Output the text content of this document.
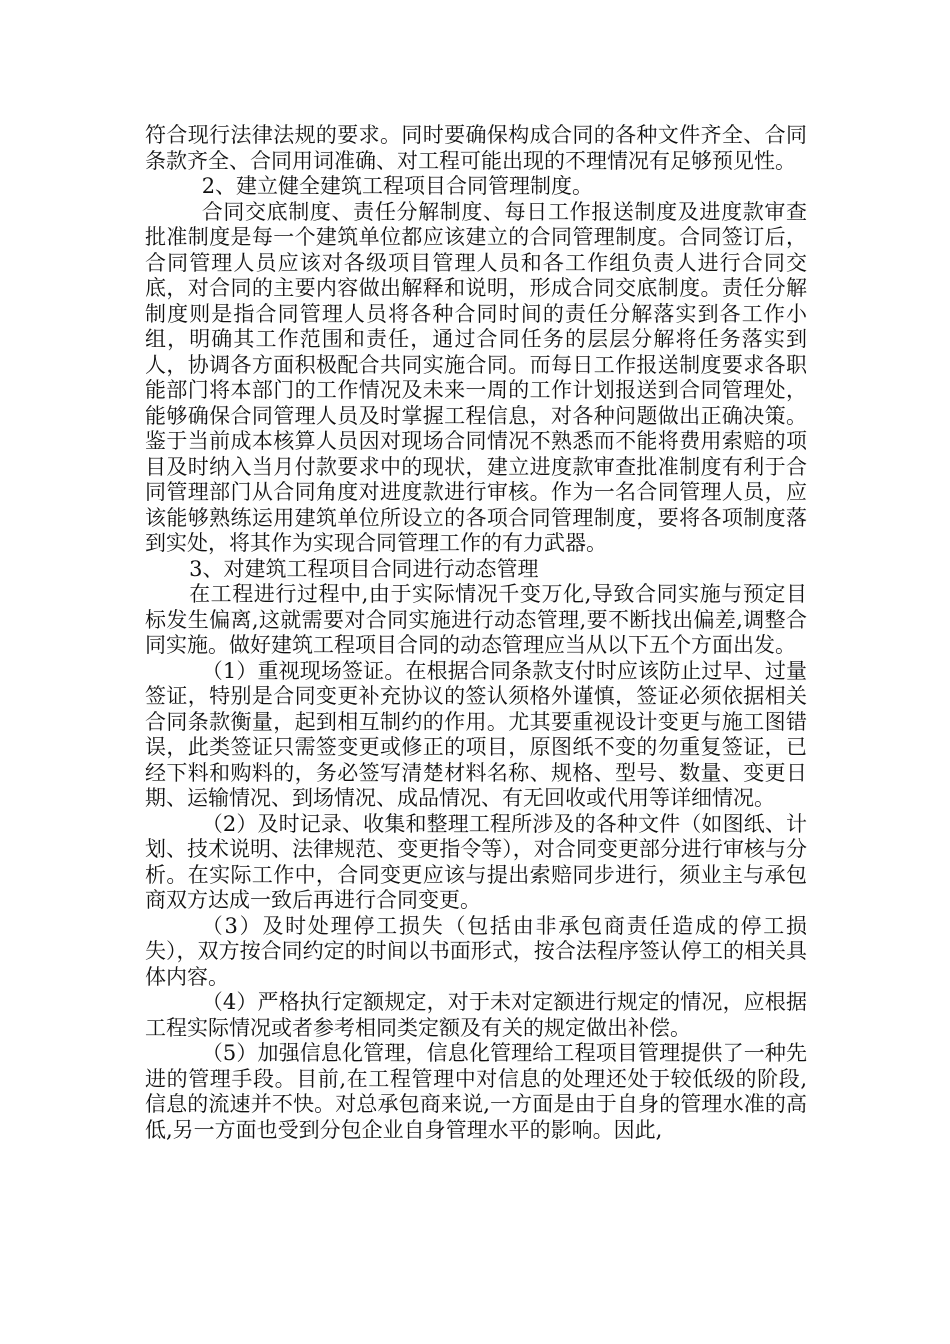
符合现行法律法规的要求。同时要确保构成合同的各种文件齐全、合同条款齐全、合同用词准确、对工程可能出现的不理情况有足够预见性。

2、建立健全建筑工程项目合同管理制度。

合同交底制度、责任分解制度、每日工作报送制度及进度款审查批准制度是每一个建筑单位都应该建立的合同管理制度。合同签订后，合同管理人员应该对各级项目管理人员和各工作组负责人进行合同交底，对合同的主要内容做出解释和说明，形成合同交底制度。责任分解制度则是指合同管理人员将各种合同时间的责任分解落实到各工作小组，明确其工作范围和责任，通过合同任务的层层分解将任务落实到人，协调各方面积极配合共同实施合同。而每日工作报送制度要求各职能部门将本部门的工作情况及未来一周的工作计划报送到合同管理处，能够确保合同管理人员及时掌握工程信息，对各种问题做出正确决策。鉴于当前成本核算人员因对现场合同情况不熟悉而不能将费用索赔的项目及时纳入当月付款要求中的现状，建立进度款审查批准制度有利于合同管理部门从合同角度对进度款进行审核。作为一名合同管理人员，应该能够熟练运用建筑单位所设立的各项合同管理制度，要将各项制度落到实处，将其作为实现合同管理工作的有力武器。

3、对建筑工程项目合同进行动态管理

在工程进行过程中,由于实际情况千变万化,导致合同实施与预定目标发生偏离,这就需要对合同实施进行动态管理,要不断找出偏差,调整合同实施。做好建筑工程项目合同的动态管理应当从以下五个方面出发。

（1）重视现场签证。在根据合同条款支付时应该防止过早、过量签证，特别是合同变更补充协议的签认须格外谨慎，签证必须依据相关合同条款衡量，起到相互制约的作用。尤其要重视设计变更与施工图错误，此类签证只需签变更或修正的项目，原图纸不变的勿重复签证，已经下料和购料的，务必签写清楚材料名称、规格、型号、数量、变更日期、运输情况、到场情况、成品情况、有无回收或代用等详细情况。

（2）及时记录、收集和整理工程所涉及的各种文件（如图纸、计划、技术说明、法律规范、变更指令等），对合同变更部分进行审核与分析。在实际工作中，合同变更应该与提出索赔同步进行，须业主与承包商双方达成一致后再进行合同变更。

（3）及时处理停工损失（包括由非承包商责任造成的停工损失），双方按合同约定的时间以书面形式，按合法程序签认停工的相关具体内容。

（4）严格执行定额规定，对于未对定额进行规定的情况，应根据工程实际情况或者参考相同类定额及有关的规定做出补偿。

（5）加强信息化管理，信息化管理给工程项目管理提供了一种先进的管理手段。目前,在工程管理中对信息的处理还处于较低级的阶段,信息的流速并不快。对总承包商来说,一方面是由于自身的管理水准的高低,另一方面也受到分包企业自身管理水平的影响。因此,
